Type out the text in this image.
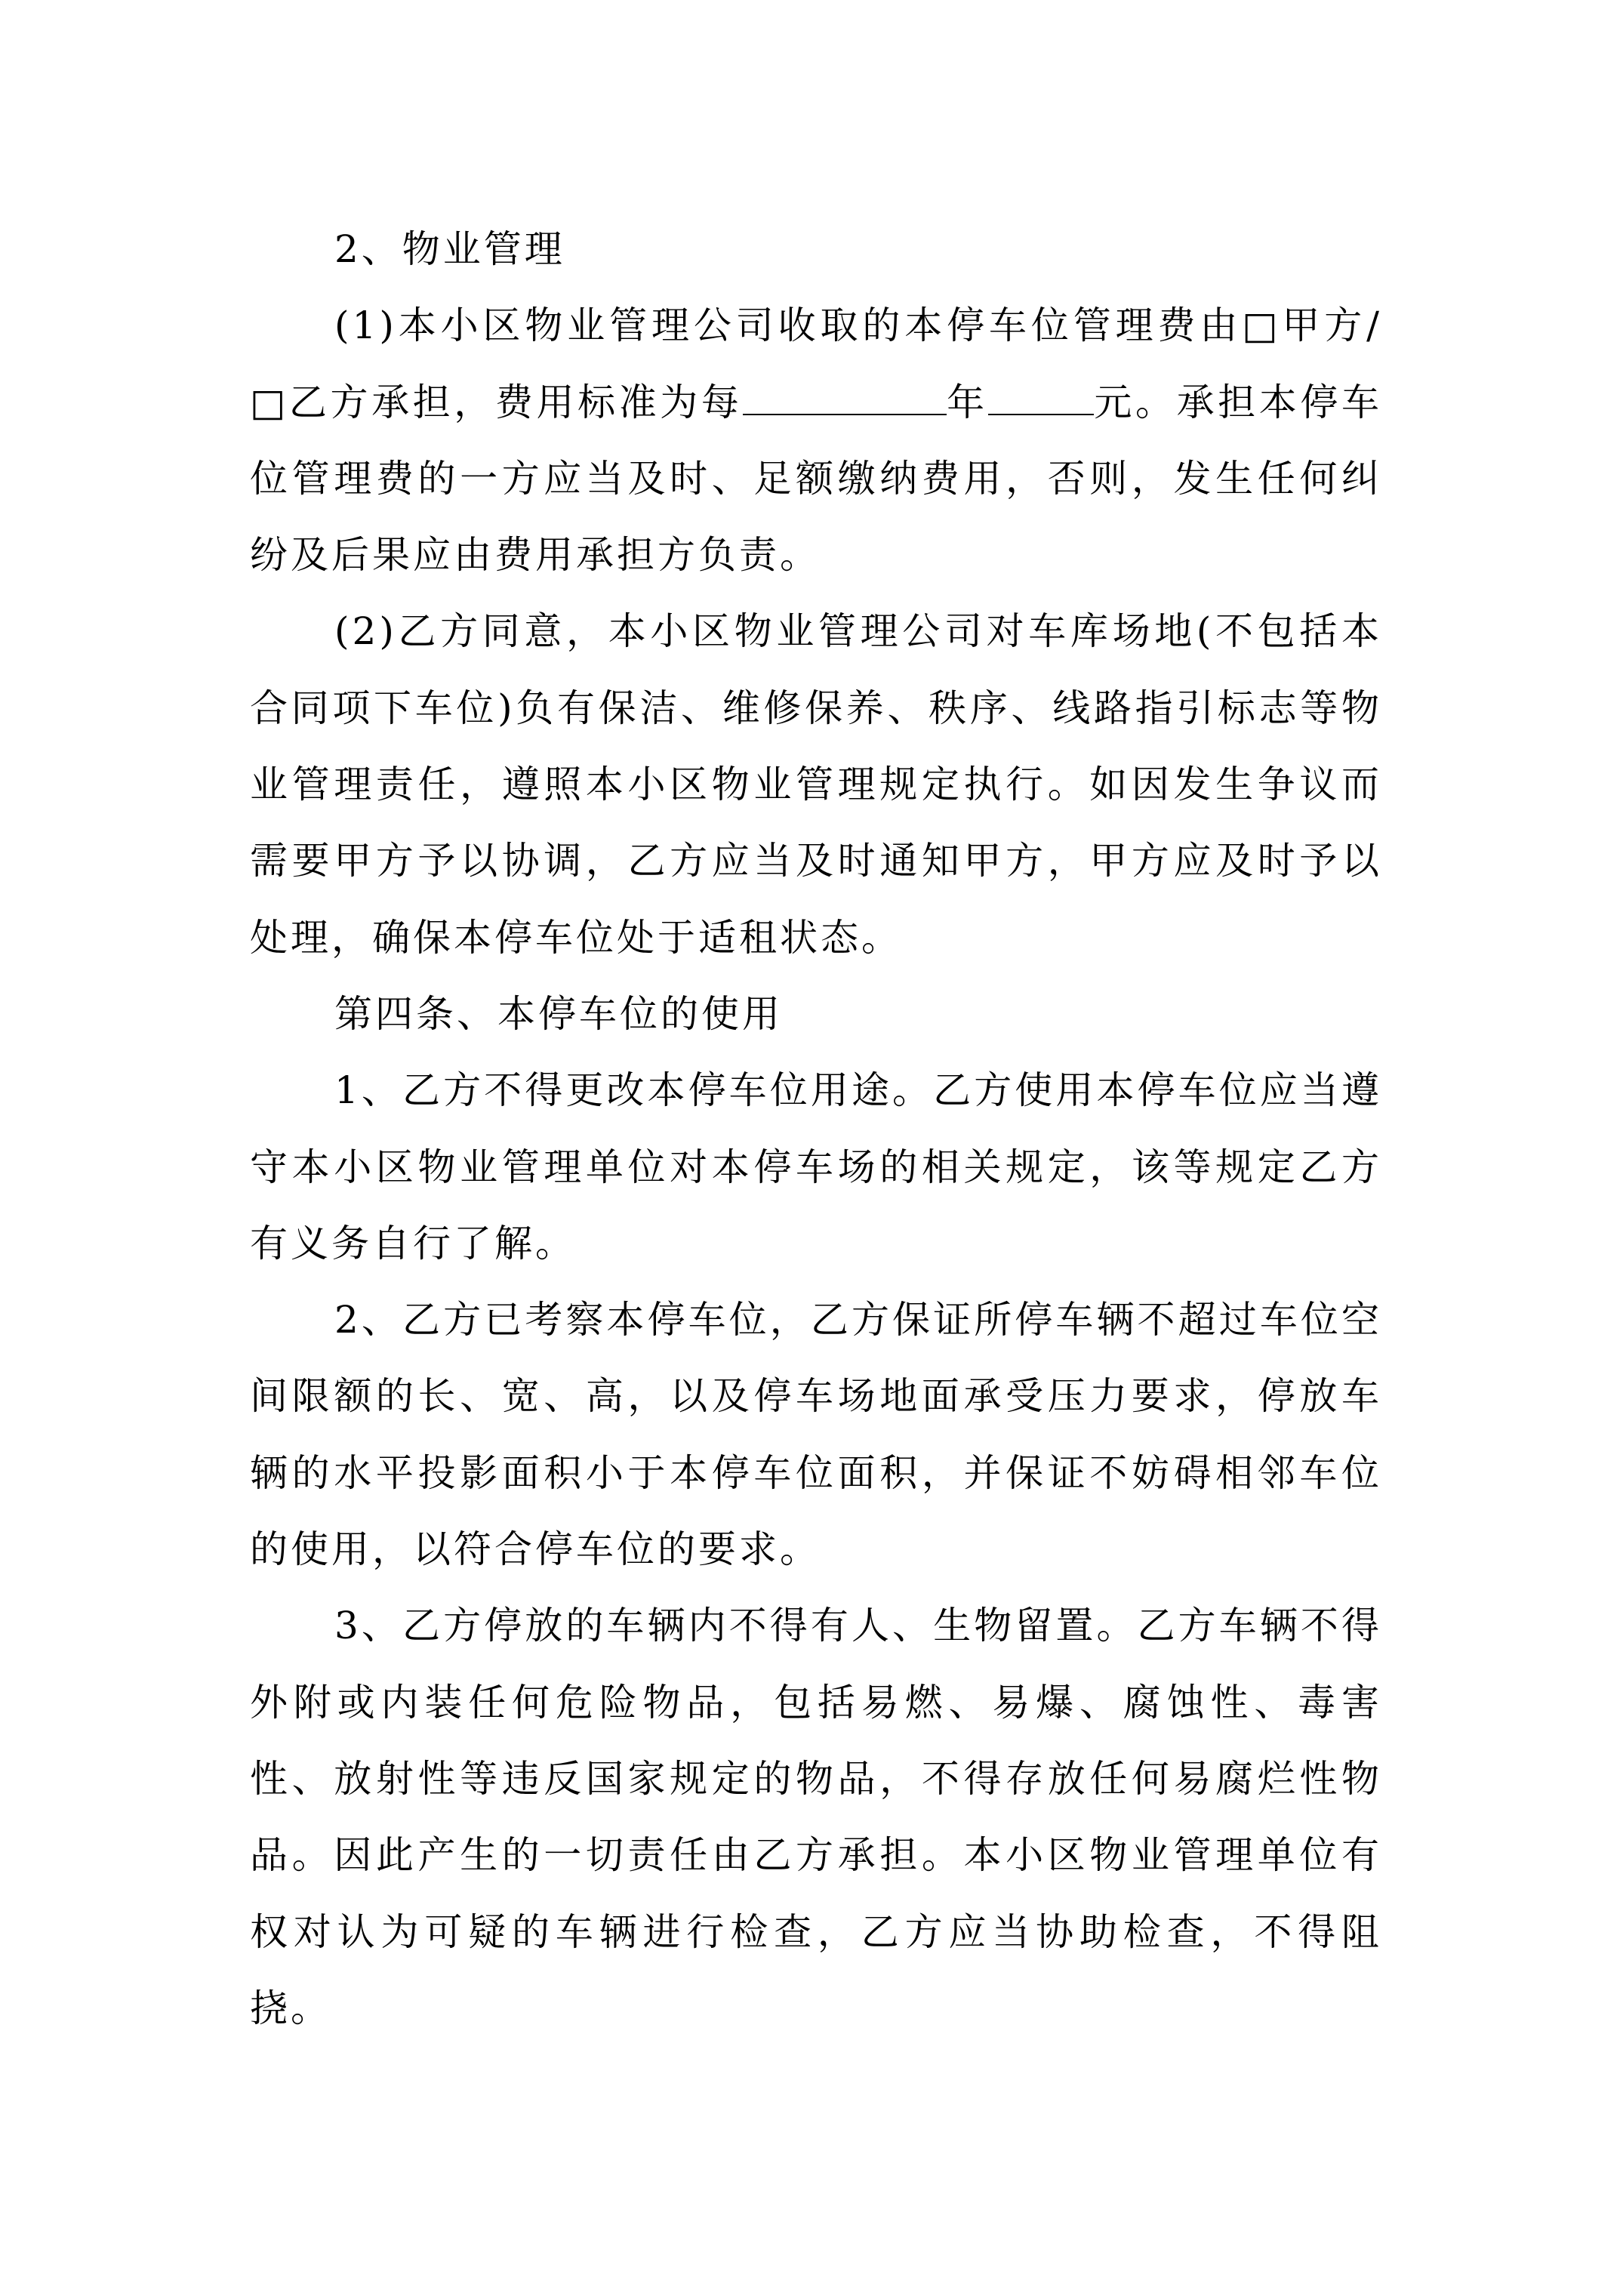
2、物业管理

(1)本小区物业管理公司收取的本停车位管理费由□甲方/□乙方承担，费用标准为每	年	元。承担本停车位管理费的一方应当及时、足额缴纳费用，否则，发生任何纠纷及后果应由费用承担方负责。

(2)乙方同意，本小区物业管理公司对车库场地(不包括本合同项下车位)负有保洁、维修保养、秩序、线路指引标志等物业管理责任，遵照本小区物业管理规定执行。如因发生争议而需要甲方予以协调，乙方应当及时通知甲方，甲方应及时予以处理，确保本停车位处于适租状态。

第四条、本停车位的使用

1、乙方不得更改本停车位用途。乙方使用本停车位应当遵守本小区物业管理单位对本停车场的相关规定，该等规定乙方有义务自行了解。

2、乙方已考察本停车位，乙方保证所停车辆不超过车位空间限额的长、宽、高，以及停车场地面承受压力要求，停放车辆的水平投影面积小于本停车位面积，并保证不妨碍相邻车位的使用，以符合停车位的要求。

3、乙方停放的车辆内不得有人、生物留置。乙方车辆不得外附或内装任何危险物品，包括易燃、易爆、腐蚀性、毒害性、放射性等违反国家规定的物品，不得存放任何易腐烂性物品。因此产生的一切责任由乙方承担。本小区物业管理单位有权对认为可疑的车辆进行检查，乙方应当协助检查，不得阻挠。
